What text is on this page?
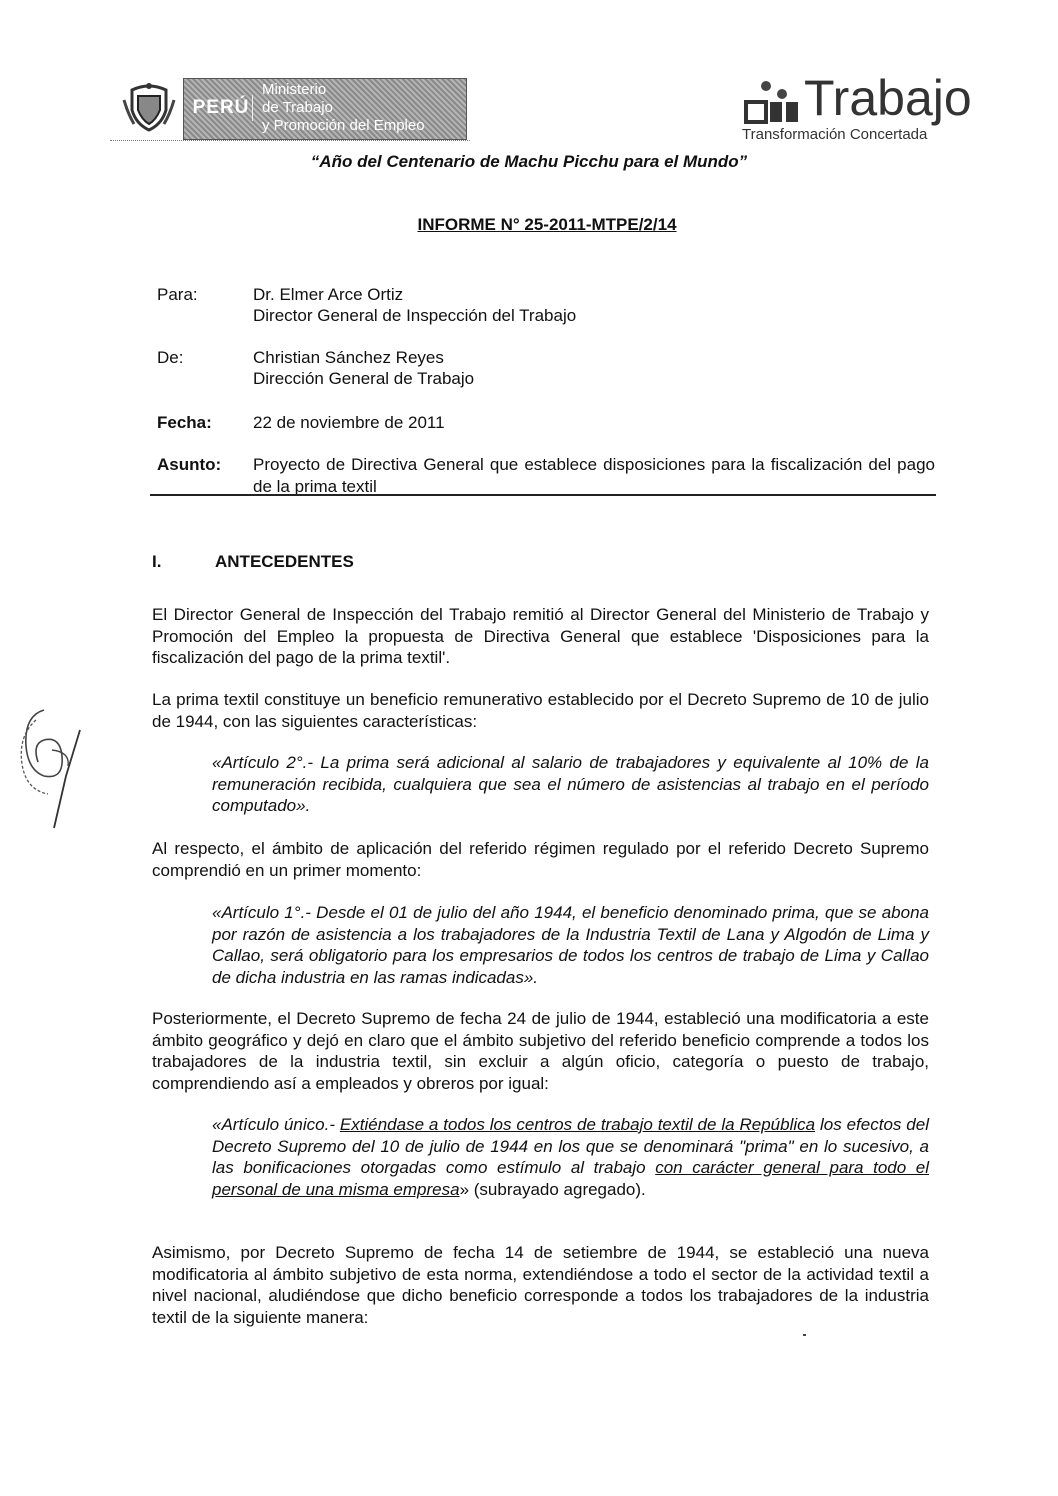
PERÚ
Ministerio
de Trabajo
y Promoción del Empleo	Trabajo
Transformación Concertada
“Año del Centenario de Machu Picchu para el Mundo”
INFORME N° 25-2011-MTPE/2/14
Para:	Dr. Elmer Arce Ortiz
Director General de Inspección del Trabajo
De:	Christian Sánchez Reyes
Dirección General de Trabajo
Fecha: 22 de noviembre de 2011
Asunto: Proyecto de Directiva General que establece disposiciones para la fiscalización del pago de la prima textil
I.	ANTECEDENTES
El Director General de Inspección del Trabajo remitió al Director General del Ministerio de Trabajo y Promoción del Empleo la propuesta de Directiva General que establece 'Disposiciones para la fiscalización del pago de la prima textil'.
La prima textil constituye un beneficio remunerativo establecido por el Decreto Supremo de 10 de julio de 1944, con las siguientes características:
«Artículo 2°.- La prima será adicional al salario de trabajadores y equivalente al 10% de la remuneración recibida, cualquiera que sea el número de asistencias al trabajo en el período computado».
Al respecto, el ámbito de aplicación del referido régimen regulado por el referido Decreto Supremo comprendió en un primer momento:
«Artículo 1°.- Desde el 01 de julio del año 1944, el beneficio denominado prima, que se abona por razón de asistencia a los trabajadores de la Industria Textil de Lana y Algodón de Lima y Callao, será obligatorio para los empresarios de todos los centros de trabajo de Lima y Callao de dicha industria en las ramas indicadas».
Posteriormente, el Decreto Supremo de fecha 24 de julio de 1944, estableció una modificatoria a este ámbito geográfico y dejó en claro que el ámbito subjetivo del referido beneficio comprende a todos los trabajadores de la industria textil, sin excluir a algún oficio, categoría o puesto de trabajo, comprendiendo así a empleados y obreros por igual:
«Artículo único.- Extiéndase a todos los centros de trabajo textil de la República los efectos del Decreto Supremo del 10 de julio de 1944 en los que se denominará "prima" en lo sucesivo, a las bonificaciones otorgadas como estímulo al trabajo con carácter general para todo el personal de una misma empresa» (subrayado agregado).
Asimismo, por Decreto Supremo de fecha 14 de setiembre de 1944, se estableció una nueva modificatoria al ámbito subjetivo de esta norma, extendiéndose a todo el sector de la actividad textil a nivel nacional, aludiéndose que dicho beneficio corresponde a todos los trabajadores de la industria textil de la siguiente manera:
